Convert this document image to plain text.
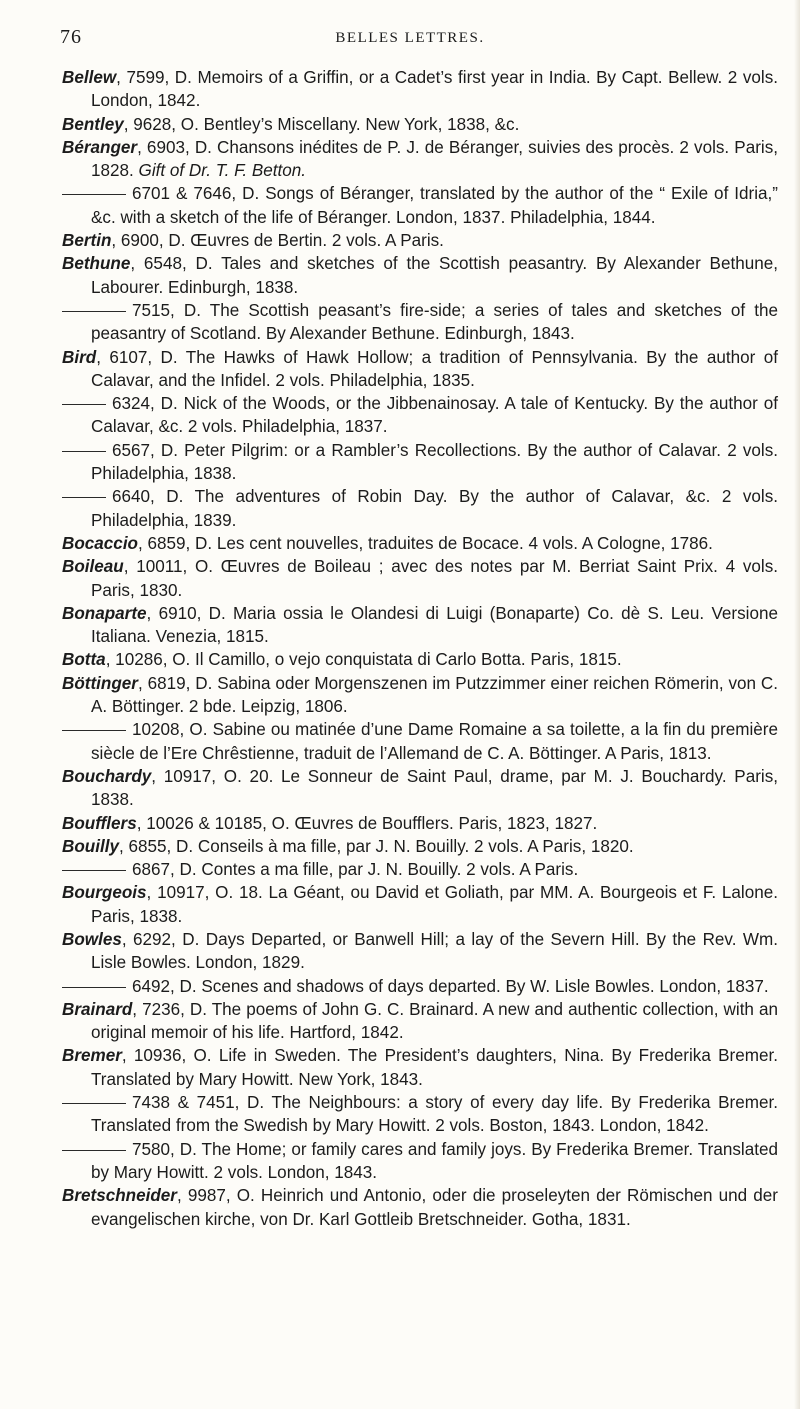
76	BELLES LETTRES.
Bellew, 7599, D. Memoirs of a Griffin, or a Cadet’s first year in India. By Capt. Bellew. 2 vols. London, 1842.
Bentley, 9628, O. Bentley’s Miscellany. New York, 1838, &c.
Béranger, 6903, D. Chansons inédites de P. J. de Béranger, suivies des procès. 2 vols. Paris, 1828. Gift of Dr. T. F. Betton.
6701 & 7646, D. Songs of Béranger, translated by the author of the “ Exile of Idria,” &c. with a sketch of the life of Béranger. London, 1837. Philadelphia, 1844.
Bertin, 6900, D. Œuvres de Bertin. 2 vols. A Paris.
Bethune, 6548, D. Tales and sketches of the Scottish peasantry. By Alexander Bethune, Labourer. Edinburgh, 1838.
7515, D. The Scottish peasant’s fire-side; a series of tales and sketches of the peasantry of Scotland. By Alexander Bethune. Edinburgh, 1843.
Bird, 6107, D. The Hawks of Hawk Hollow; a tradition of Pennsylvania. By the author of Calavar, and the Infidel. 2 vols. Philadelphia, 1835.
6324, D. Nick of the Woods, or the Jibbenainosay. A tale of Kentucky. By the author of Calavar, &c. 2 vols. Philadelphia, 1837.
6567, D. Peter Pilgrim: or a Rambler’s Recollections. By the author of Calavar. 2 vols. Philadelphia, 1838.
6640, D. The adventures of Robin Day. By the author of Calavar, &c. 2 vols. Philadelphia, 1839.
Bocaccio, 6859, D. Les cent nouvelles, traduites de Bocace. 4 vols. A Cologne, 1786.
Boileau, 10011, O. Œuvres de Boileau ; avec des notes par M. Berriat Saint Prix. 4 vols. Paris, 1830.
Bonaparte, 6910, D. Maria ossia le Olandesi di Luigi (Bonaparte) Co. dè S. Leu. Versione Italiana. Venezia, 1815.
Botta, 10286, O. Il Camillo, o vejo conquistata di Carlo Botta. Paris, 1815.
Böttinger, 6819, D. Sabina oder Morgenszenen im Putzzimmer einer reichen Römerin, von C. A. Böttinger. 2 bde. Leipzig, 1806.
10208, O. Sabine ou matinée d’une Dame Romaine a sa toilette, a la fin du première siècle de l’Ere Chrêstienne, traduit de l’Allemand de C. A. Böttinger. A Paris, 1813.
Bouchardy, 10917, O. 20. Le Sonneur de Saint Paul, drame, par M. J. Bouchardy. Paris, 1838.
Boufflers, 10026 & 10185, O. Œuvres de Boufflers. Paris, 1823, 1827.
Bouilly, 6855, D. Conseils à ma fille, par J. N. Bouilly. 2 vols. A Paris, 1820.
6867, D. Contes a ma fille, par J. N. Bouilly. 2 vols. A Paris.
Bourgeois, 10917, O. 18. La Géant, ou David et Goliath, par MM. A. Bourgeois et F. Lalone. Paris, 1838.
Bowles, 6292, D. Days Departed, or Banwell Hill; a lay of the Severn Hill. By the Rev. Wm. Lisle Bowles. London, 1829.
6492, D. Scenes and shadows of days departed. By W. Lisle Bowles. London, 1837.
Brainard, 7236, D. The poems of John G. C. Brainard. A new and authentic collection, with an original memoir of his life. Hartford, 1842.
Bremer, 10936, O. Life in Sweden. The President’s daughters, Nina. By Frederika Bremer. Translated by Mary Howitt. New York, 1843.
7438 & 7451, D. The Neighbours: a story of every day life. By Frederika Bremer. Translated from the Swedish by Mary Howitt. 2 vols. Boston, 1843. London, 1842.
7580, D. The Home; or family cares and family joys. By Frederika Bremer. Translated by Mary Howitt. 2 vols. London, 1843.
Bretschneider, 9987, O. Heinrich und Antonio, oder die proseleyten der Römischen und der evangelischen kirche, von Dr. Karl Gottleib Bretschneider. Gotha, 1831.
